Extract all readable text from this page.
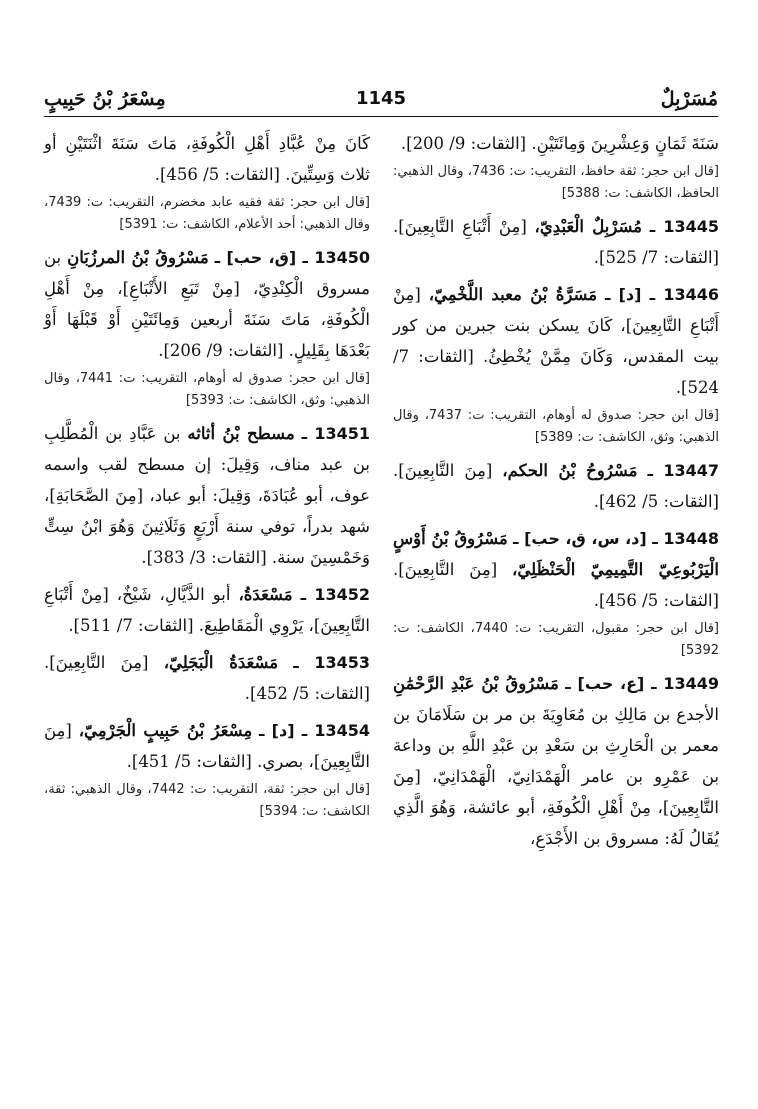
مُسَرْبِلٌ
1145
مِسْعَرُ بْنُ حَبِيبٍ

سَنَةَ ثَمَانٍ وَعِشْرِينَ وَمِائَتَيْنِ. [الثقات: 9/ 200].

[قال ابن حجر: ثقة حافظ، التقريب: ت: 7436، وقال الذهبي: الحافظ، الكاشف: ت: 5388]

13445 ـ مُسَرْبِلٌ الْعَبْدِيّ، [مِنْ أَتْبَاعِ التَّابِعِينَ]. [الثقات: 7/ 525].

13446 ـ [د] ـ مَسَرَّةُ بْنُ معبد اللَّخْمِيّ، [مِنْ أَتْبَاعِ التَّابِعِينَ]، كَانَ يسكن بنت جبرين من كور بيت المقدس، وَكَانَ مِمَّنْ يُخْطِئُ. [الثقات: 7/ 524].

[قال ابن حجر: صدوق له أوهام، التقريب: ت: 7437، وقال الذهبي: وثق، الكاشف: ت: 5389]

13447 ـ مَسْرُوحُ بْنُ الحكم، [مِنَ التَّابِعِينَ]. [الثقات: 5/ 462].

13448 ـ [د، س، ق، حب] ـ مَسْرُوقُ بْنُ أَوْسٍ الْيَرْبُوعِيّ التَّمِيمِيّ الْحَنْظَلِيّ، [مِنَ التَّابِعِينَ]. [الثقات: 5/ 456].

[قال ابن حجر: مقبول، التقريب: ت: 7440، الكاشف: ت: 5392]

13449 ـ [ع، حب] ـ مَسْرُوقُ بْنُ عَبْدِ الرَّحْمَٰنِ الأجدع بن مَالِكِ بن مُعَاوِيَةَ بن مر بن سَلَامَانَ بن معمر بن الْحَارِثِ بن سَعْدِ بن عَبْدِ اللَّهِ بن وداعة بن عَمْرِو بن عامر الْهَمْدَانِيّ، الْهَمْدَانِيّ، [مِنَ التَّابِعِينَ]، مِنْ أَهْلِ الْكُوفَةِ، أبو عائشة، وَهُوَ الَّذِي يُقَالُ لَهُ: مسروق بن الأَجْدَعِ،

كَانَ مِنْ عُبَّادِ أَهْلِ الْكُوفَةِ، مَاتَ سَنَةَ اثْنَتَيْنِ أو ثلاث وَسِتِّينَ. [الثقات: 5/ 456].

[قال ابن حجر: ثقة فقيه عابد مخضرم، التقريب: ت: 7439، وقال الذهبي: أحد الأعلام، الكاشف: ت: 5391]

13450 ـ [ق، حب] ـ مَسْرُوقُ بْنُ المرزُبَانِ بن مسروق الْكِنْدِيّ، [مِنْ تَبَعِ الأَتْبَاعِ]، مِنْ أَهْلِ الْكُوفَةِ، مَاتَ سَنَةَ أربعين وَمِائَتَيْنِ أَوْ قَبْلَهَا أَوْ بَعْدَهَا بِقَلِيلٍ. [الثقات: 9/ 206].

[قال ابن حجر: صدوق له أوهام، التقريب: ت: 7441، وقال الذهبي: وثق، الكاشف: ت: 5393]

13451 ـ مسطح بْنُ أثاثه بن عَبَّادِ بن الْمُطَّلِبِ بن عبد مناف، وَقِيلَ: إن مسطح لقب واسمه عوف، أبو عُبَادَةَ، وَقِيلَ: أبو عباد، [مِنَ الصَّحَابَةِ]، شهد بدراً، توفي سنة أَرْبَعٍ وَثَلَاثِينَ وَهُوَ ابْنُ سِتٍّ وَخَمْسِينَ سنة. [الثقات: 3/ 383].

13452 ـ مَسْعَدَةُ، أبو الذَّيَّالِ، شَيْخٌ، [مِنْ أَتْبَاعِ التَّابِعِينَ]، يَرْوِي الْمَقَاطِيعَ. [الثقات: 7/ 511].

13453 ـ مَسْعَدَةُ الْبَجَلِيّ، [مِنَ التَّابِعِينَ]. [الثقات: 5/ 452].

13454 ـ [د] ـ مِسْعَرُ بْنُ حَبِيبٍ الْجَرْمِيّ، [مِنَ التَّابِعِينَ]، بصري. [الثقات: 5/ 451].

[قال ابن حجر: ثقة، التقريب: ت: 7442، وقال الذهبي: ثقة، الكاشف: ت: 5394]
